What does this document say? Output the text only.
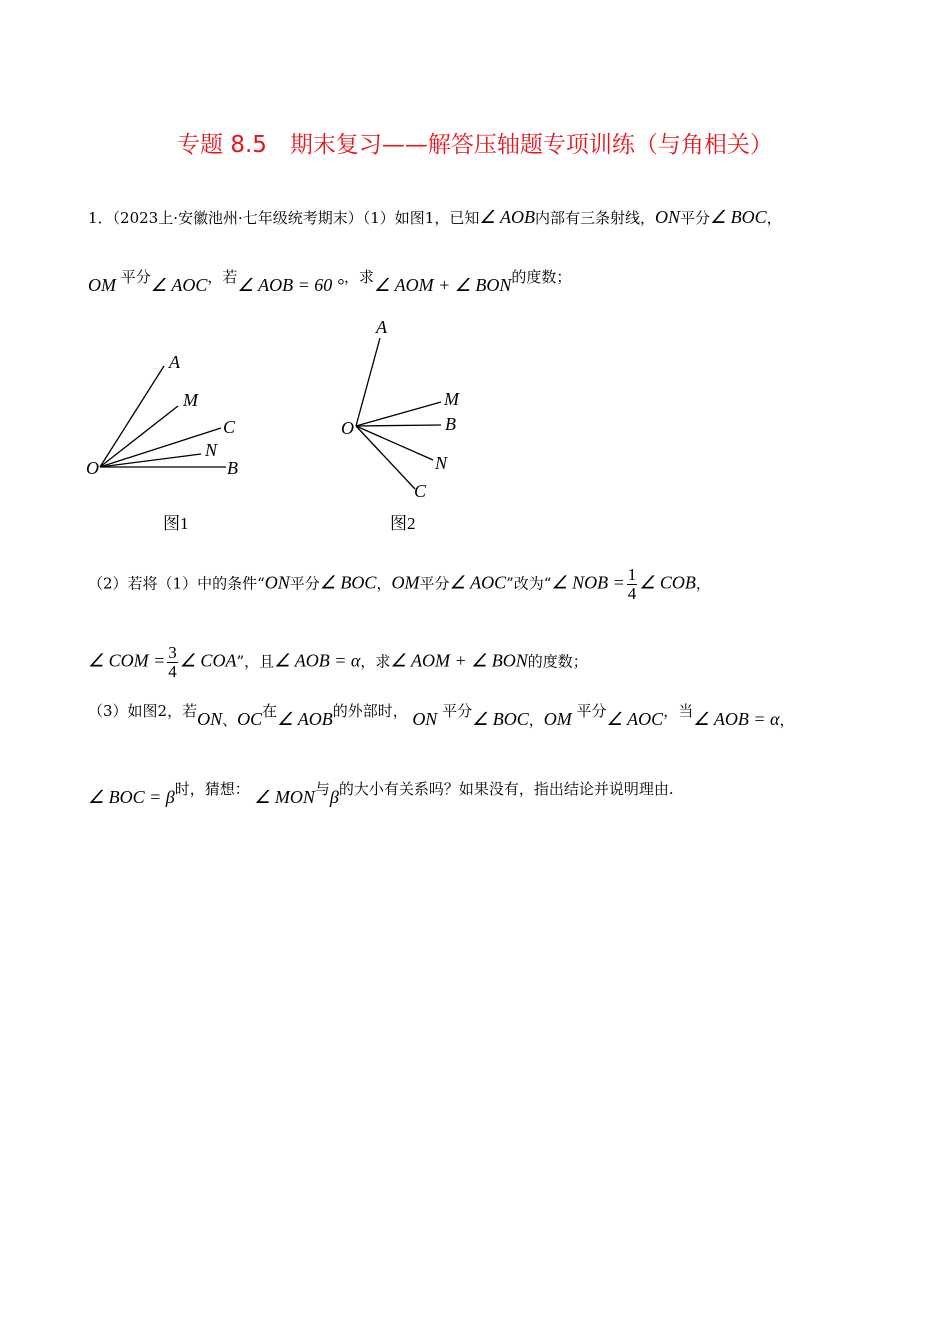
专题 8.5　期末复习——解答压轴题专项训练（与角相关）
1．（2023上·安徽池州·七年级统考期末）（1）如图1，已知∠ AOB内部有三条射线，ON平分∠ BOC，
OM 平分∠ AOC，若∠ AOB = 60 °，求∠ AOM + ∠ BON的度数；
（2）若将（1）中的条件“ON平分∠ BOC，OM平分∠ AOC”改为“∠ NOB = $\frac{1}{4}$ ∠ COB，
∠ COM = $\frac{3}{4}$ ∠ COA”，且∠ AOB = α，求∠ AOM + ∠ BON的度数；
（3）如图2，若ON、OC在∠ AOB的外部时， ON 平分∠ BOC，OM 平分∠ AOC，当∠ AOB = α，
∠ BOC = β时，猜想： ∠ MON与β的大小有关系吗？如果没有，指出结论并说明理由.
A
M
C
N
B
O
图1
A
M
B
N
C
O
图2
